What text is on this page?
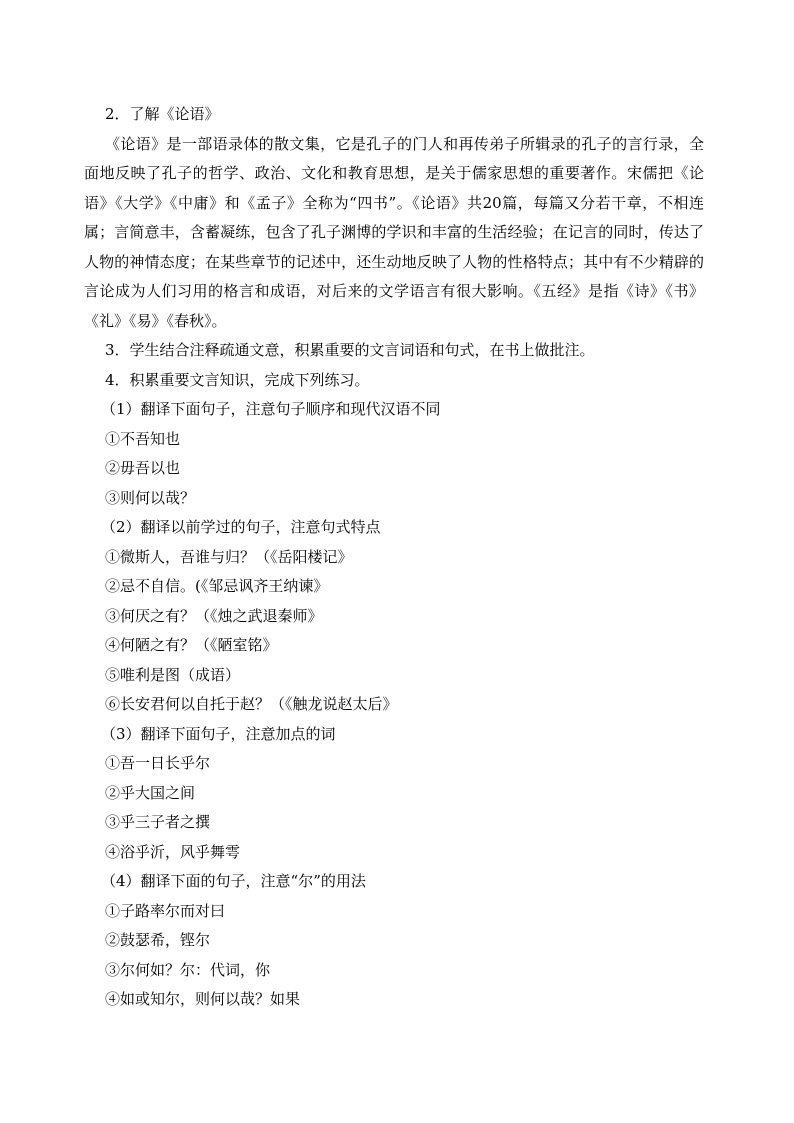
2．了解《论语》

《论语》是一部语录体的散文集，它是孔子的门人和再传弟子所辑录的孔子的言行录，全面地反映了孔子的哲学、政治、文化和教育思想，是关于儒家思想的重要著作。宋儒把《论语》《大学》《中庸》和《孟子》全称为“四书”。《论语》共20篇，每篇又分若干章，不相连属；言简意丰，含蓄凝练，包含了孔子渊博的学识和丰富的生活经验；在记言的同时，传达了人物的神情态度；在某些章节的记述中，还生动地反映了人物的性格特点；其中有不少精辟的言论成为人们习用的格言和成语，对后来的文学语言有很大影响。《五经》是指《诗》《书》《礼》《易》《春秋》。

3．学生结合注释疏通文意，积累重要的文言词语和句式，在书上做批注。

4．积累重要文言知识，完成下列练习。

（1）翻译下面句子，注意句子顺序和现代汉语不同

①不吾知也

②毋吾以也

③则何以哉？

（2）翻译以前学过的句子，注意句式特点

①微斯人，吾谁与归？（《岳阳楼记》

②忌不自信。(《邹忌讽齐王纳谏》

③何厌之有？（《烛之武退秦师》

④何陋之有？（《陋室铭》

⑤唯利是图（成语）

⑥长安君何以自托于赵？（《触龙说赵太后》

（3）翻译下面句子，注意加点的词

①吾一日长乎尔

②乎大国之间

③乎三子者之撰

④浴乎沂，风乎舞雩

（4）翻译下面的句子，注意“尔”的用法

①子路率尔而对曰

②鼓瑟希，铿尔

③尔何如？尔：代词，你

④如或知尔，则何以哉？如果
